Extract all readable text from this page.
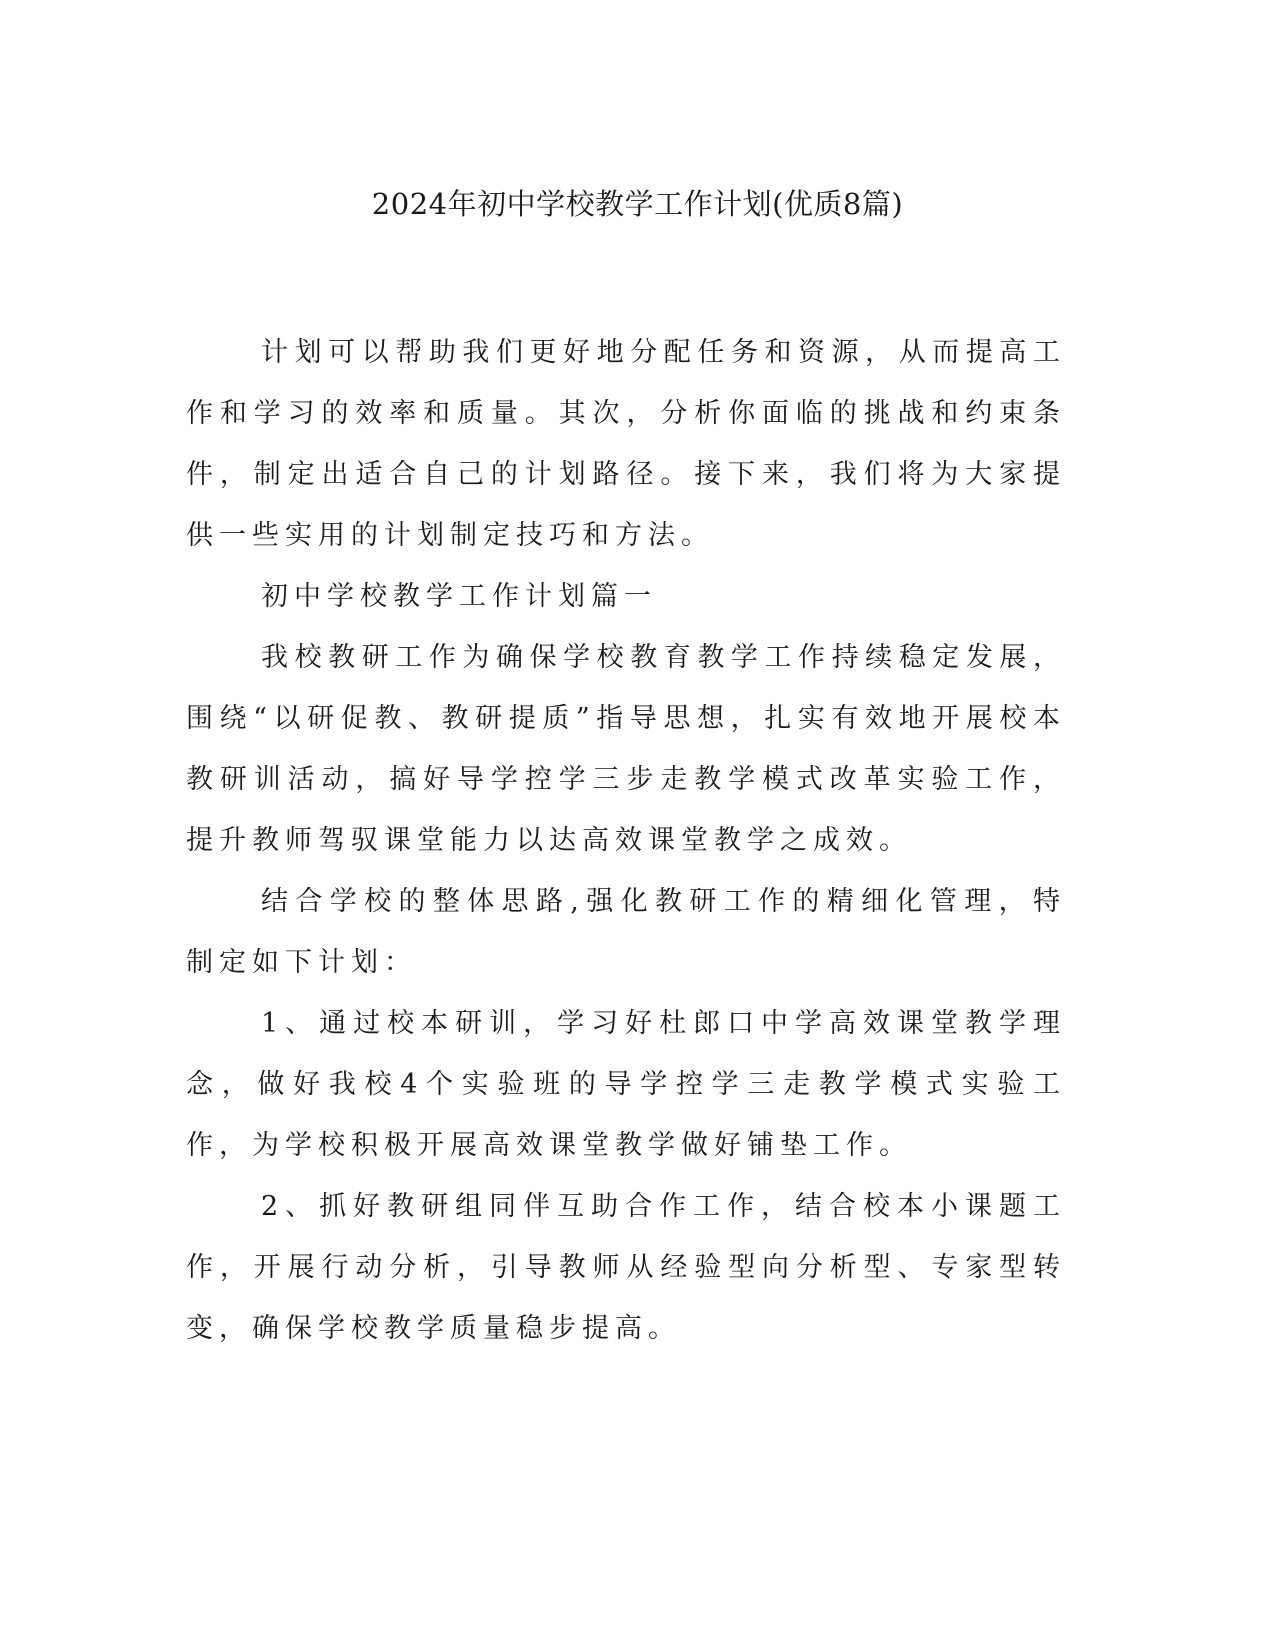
2024年初中学校教学工作计划(优质8篇)

计划可以帮助我们更好地分配任务和资源，从而提高工作和学习的效率和质量。其次，分析你面临的挑战和约束条件，制定出适合自己的计划路径。接下来，我们将为大家提供一些实用的计划制定技巧和方法。

初中学校教学工作计划篇一

我校教研工作为确保学校教育教学工作持续稳定发展，围绕“以研促教、教研提质”指导思想，扎实有效地开展校本教研训活动，搞好导学控学三步走教学模式改革实验工作，提升教师驾驭课堂能力以达高效课堂教学之成效。

结合学校的整体思路,强化教研工作的精细化管理，特制定如下计划：

1、通过校本研训，学习好杜郎口中学高效课堂教学理念，做好我校4个实验班的导学控学三走教学模式实验工作，为学校积极开展高效课堂教学做好铺垫工作。

2、抓好教研组同伴互助合作工作，结合校本小课题工作，开展行动分析，引导教师从经验型向分析型、专家型转变，确保学校教学质量稳步提高。
